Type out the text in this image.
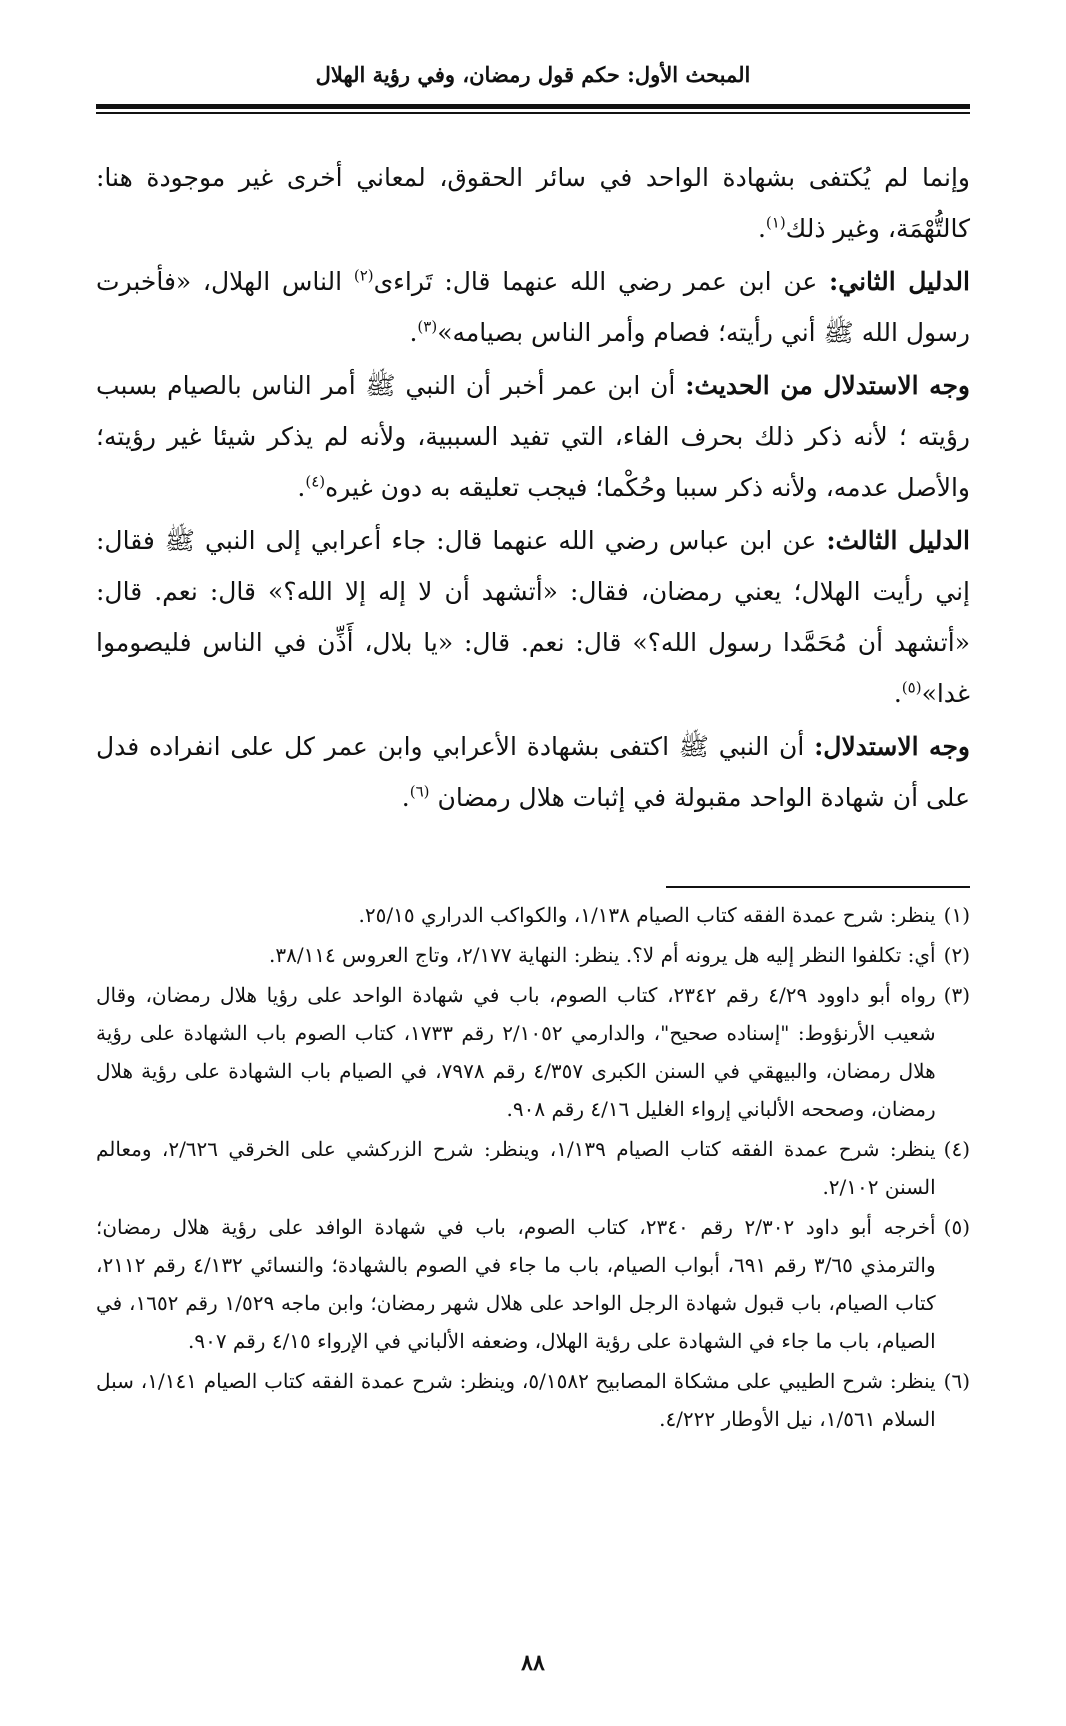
المبحث الأول: حكم قول رمضان، وفي رؤية الهلال

وإنما لم يُكتفى بشهادة الواحد في سائر الحقوق، لمعاني أخرى غير موجودة هنا: كالتُّهْمَة، وغير ذلك$^{(١)}$.

الدليل الثاني: عن ابن عمر رضي الله عنهما قال: تَراءى$^{(٢)}$ الناس الهلال، «فأخبرت رسول الله ﷺ أني رأيته؛ فصام وأمر الناس بصيامه»$^{(٣)}$.

وجه الاستدلال من الحديث: أن ابن عمر أخبر أن النبي ﷺ أمر الناس بالصيام بسبب رؤيته ؛ لأنه ذكر ذلك بحرف الفاء، التي تفيد السببية، ولأنه لم يذكر شيئا غير رؤيته؛ والأصل عدمه، ولأنه ذكر سببا وحُكْما؛ فيجب تعليقه به دون غيره$^{(٤)}$.

الدليل الثالث: عن ابن عباس رضي الله عنهما قال: جاء أعرابي إلى النبي ﷺ فقال: إني رأيت الهلال؛ يعني رمضان، فقال: «أتشهد أن لا إله إلا الله؟» قال: نعم. قال: «أتشهد أن مُحَمَّدا رسول الله؟» قال: نعم. قال: «يا بلال، أَذِّن في الناس فليصوموا غدا»$^{(٥)}$.

وجه الاستدلال: أن النبي ﷺ اكتفى بشهادة الأعرابي وابن عمر كل على انفراده فدل على أن شهادة الواحد مقبولة في إثبات هلال رمضان $^{(٦)}$.

(١)
ينظر: شرح عمدة الفقه كتاب الصيام ١/١٣٨، والكواكب الدراري ٢٥/١٥.
(٢)
أي: تكلفوا النظر إليه هل يرونه أم لا؟. ينظر: النهاية ٢/١٧٧، وتاج العروس ٣٨/١١٤.
(٣)
رواه أبو داوود ٤/٢٩ رقم ٢٣٤٢، كتاب الصوم، باب في شهادة الواحد على رؤيا هلال رمضان، وقال شعيب الأرنؤوط: "إسناده صحيح"، والدارمي ٢/١٠٥٢ رقم ١٧٣٣، كتاب الصوم باب الشهادة على رؤية هلال رمضان، والبيهقي في السنن الكبرى ٤/٣٥٧ رقم ٧٩٧٨، في الصيام باب الشهادة على رؤية هلال رمضان، وصححه الألباني إرواء الغليل ٤/١٦ رقم ٩٠٨.
(٤)
ينظر: شرح عمدة الفقه كتاب الصيام ١/١٣٩، وينظر: شرح الزركشي على الخرقي ٢/٦٢٦، ومعالم السنن ٢/١٠٢.
(٥)
أخرجه أبو داود ٢/٣٠٢ رقم ٢٣٤٠، كتاب الصوم، باب في شهادة الوافد على رؤية هلال رمضان؛ والترمذي ٣/٦٥ رقم ٦٩١، أبواب الصيام، باب ما جاء في الصوم بالشهادة؛ والنسائي ٤/١٣٢ رقم ٢١١٢، كتاب الصيام، باب قبول شهادة الرجل الواحد على هلال شهر رمضان؛ وابن ماجه ١/٥٢٩ رقم ١٦٥٢، في الصيام، باب ما جاء في الشهادة على رؤية الهلال، وضعفه الألباني في الإرواء ٤/١٥ رقم ٩٠٧.
(٦)
ينظر: شرح الطيبي على مشكاة المصابيح ٥/١٥٨٢، وينظر: شرح عمدة الفقه كتاب الصيام ١/١٤١، سبل السلام ١/٥٦١، نيل الأوطار ٤/٢٢٢.
٨٨
